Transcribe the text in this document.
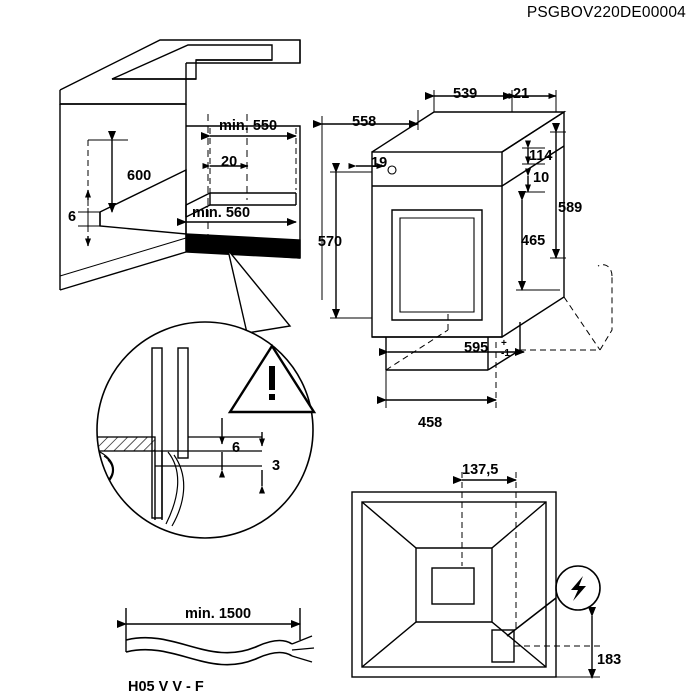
PSGBOV220DE00004
min. 550
20
min. 560
600
6
558
539 21
19	114
10
589
465
570
595 +
-1
458
6
3	137,5
183
min. 1500
H05 V V - F
